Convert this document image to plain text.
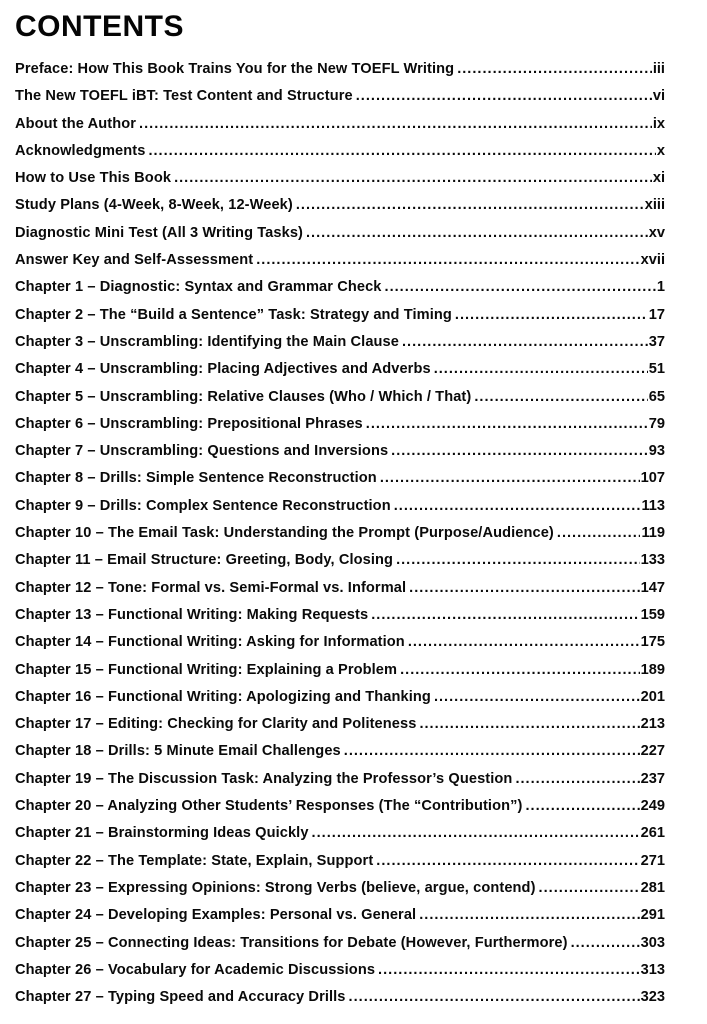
CONTENTS
Preface: How This Book Trains You for the New TOEFL Writing .....	iii
The New TOEFL iBT: Test Content and Structure .....	vi
About the Author .....	ix
Acknowledgments .....	x
How to Use This Book .....	xi
Study Plans (4-Week, 8-Week, 12-Week) .....	xiii
Diagnostic Mini Test (All 3 Writing Tasks) .....	xv
Answer Key and Self-Assessment .....	xvii
Chapter 1 – Diagnostic: Syntax and Grammar Check .....	1
Chapter 2 – The “Build a Sentence” Task: Strategy and Timing .....	17
Chapter 3 – Unscrambling: Identifying the Main Clause .....	37
Chapter 4 – Unscrambling: Placing Adjectives and Adverbs .....	51
Chapter 5 – Unscrambling: Relative Clauses (Who / Which / That) .....	65
Chapter 6 – Unscrambling: Prepositional Phrases .....	79
Chapter 7 – Unscrambling: Questions and Inversions .....	93
Chapter 8 – Drills: Simple Sentence Reconstruction .....	107
Chapter 9 – Drills: Complex Sentence Reconstruction .....	113
Chapter 10 – The Email Task: Understanding the Prompt (Purpose/Audience) .....	119
Chapter 11 – Email Structure: Greeting, Body, Closing .....	133
Chapter 12 – Tone: Formal vs. Semi-Formal vs. Informal .....	147
Chapter 13 – Functional Writing: Making Requests .....	159
Chapter 14 – Functional Writing: Asking for Information .....	175
Chapter 15 – Functional Writing: Explaining a Problem .....	189
Chapter 16 – Functional Writing: Apologizing and Thanking .....	201
Chapter 17 – Editing: Checking for Clarity and Politeness .....	213
Chapter 18 – Drills: 5 Minute Email Challenges .....	227
Chapter 19 – The Discussion Task: Analyzing the Professor’s Question .....	237
Chapter 20 – Analyzing Other Students’ Responses (The “Contribution”) .....	249
Chapter 21 – Brainstorming Ideas Quickly .....	261
Chapter 22 – The Template: State, Explain, Support .....	271
Chapter 23 – Expressing Opinions: Strong Verbs (believe, argue, contend) .....	281
Chapter 24 – Developing Examples: Personal vs. General .....	291
Chapter 25 – Connecting Ideas: Transitions for Debate (However, Furthermore) .....	303
Chapter 26 – Vocabulary for Academic Discussions .....	313
Chapter 27 – Typing Speed and Accuracy Drills .....	323
